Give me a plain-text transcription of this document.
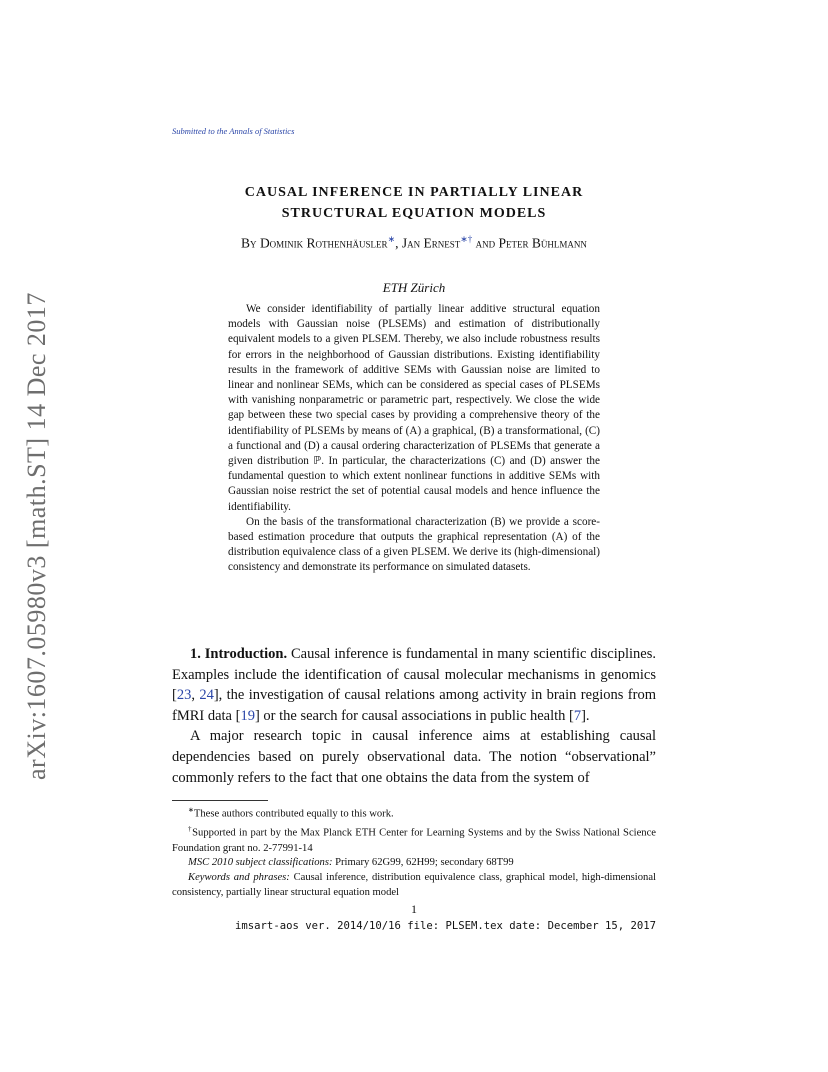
arXiv:1607.05980v3 [math.ST] 14 Dec 2017
Submitted to the Annals of Statistics
CAUSAL INFERENCE IN PARTIALLY LINEAR
STRUCTURAL EQUATION MODELS
By Dominik Rothenhäusler∗, Jan Ernest∗† and Peter Bühlmann
ETH Zürich

We consider identifiability of partially linear additive structural equation models with Gaussian noise (PLSEMs) and estimation of distributionally equivalent models to a given PLSEM. Thereby, we also include robustness results for errors in the neighborhood of Gaussian distributions. Existing identifiability results in the framework of additive SEMs with Gaussian noise are limited to linear and nonlinear SEMs, which can be considered as special cases of PLSEMs with vanishing nonparametric or parametric part, respectively. We close the wide gap between these two special cases by providing a comprehensive theory of the identifiability of PLSEMs by means of (A) a graphical, (B) a transformational, (C) a functional and (D) a causal ordering characterization of PLSEMs that generate a given distribution ℙ. In particular, the characterizations (C) and (D) answer the fundamental question to which extent nonlinear functions in additive SEMs with Gaussian noise restrict the set of potential causal models and hence influence the identifiability.

On the basis of the transformational characterization (B) we provide a score-based estimation procedure that outputs the graphical representation (A) of the distribution equivalence class of a given PLSEM. We derive its (high-dimensional) consistency and demonstrate its performance on simulated datasets.

1. Introduction. Causal inference is fundamental in many scientific disciplines. Examples include the identification of causal molecular mechanisms in genomics [23, 24], the investigation of causal relations among activity in brain regions from fMRI data [19] or the search for causal associations in public health [7].

A major research topic in causal inference aims at establishing causal dependencies based on purely observational data. The notion “observational” commonly refers to the fact that one obtains the data from the system of

∗These authors contributed equally to this work.

†Supported in part by the Max Planck ETH Center for Learning Systems and by the Swiss National Science Foundation grant no. 2-77991-14

MSC 2010 subject classifications: Primary 62G99, 62H99; secondary 68T99

Keywords and phrases: Causal inference, distribution equivalence class, graphical model, high-dimensional consistency, partially linear structural equation model

1
imsart-aos ver. 2014/10/16 file: PLSEM.tex date: December 15, 2017
